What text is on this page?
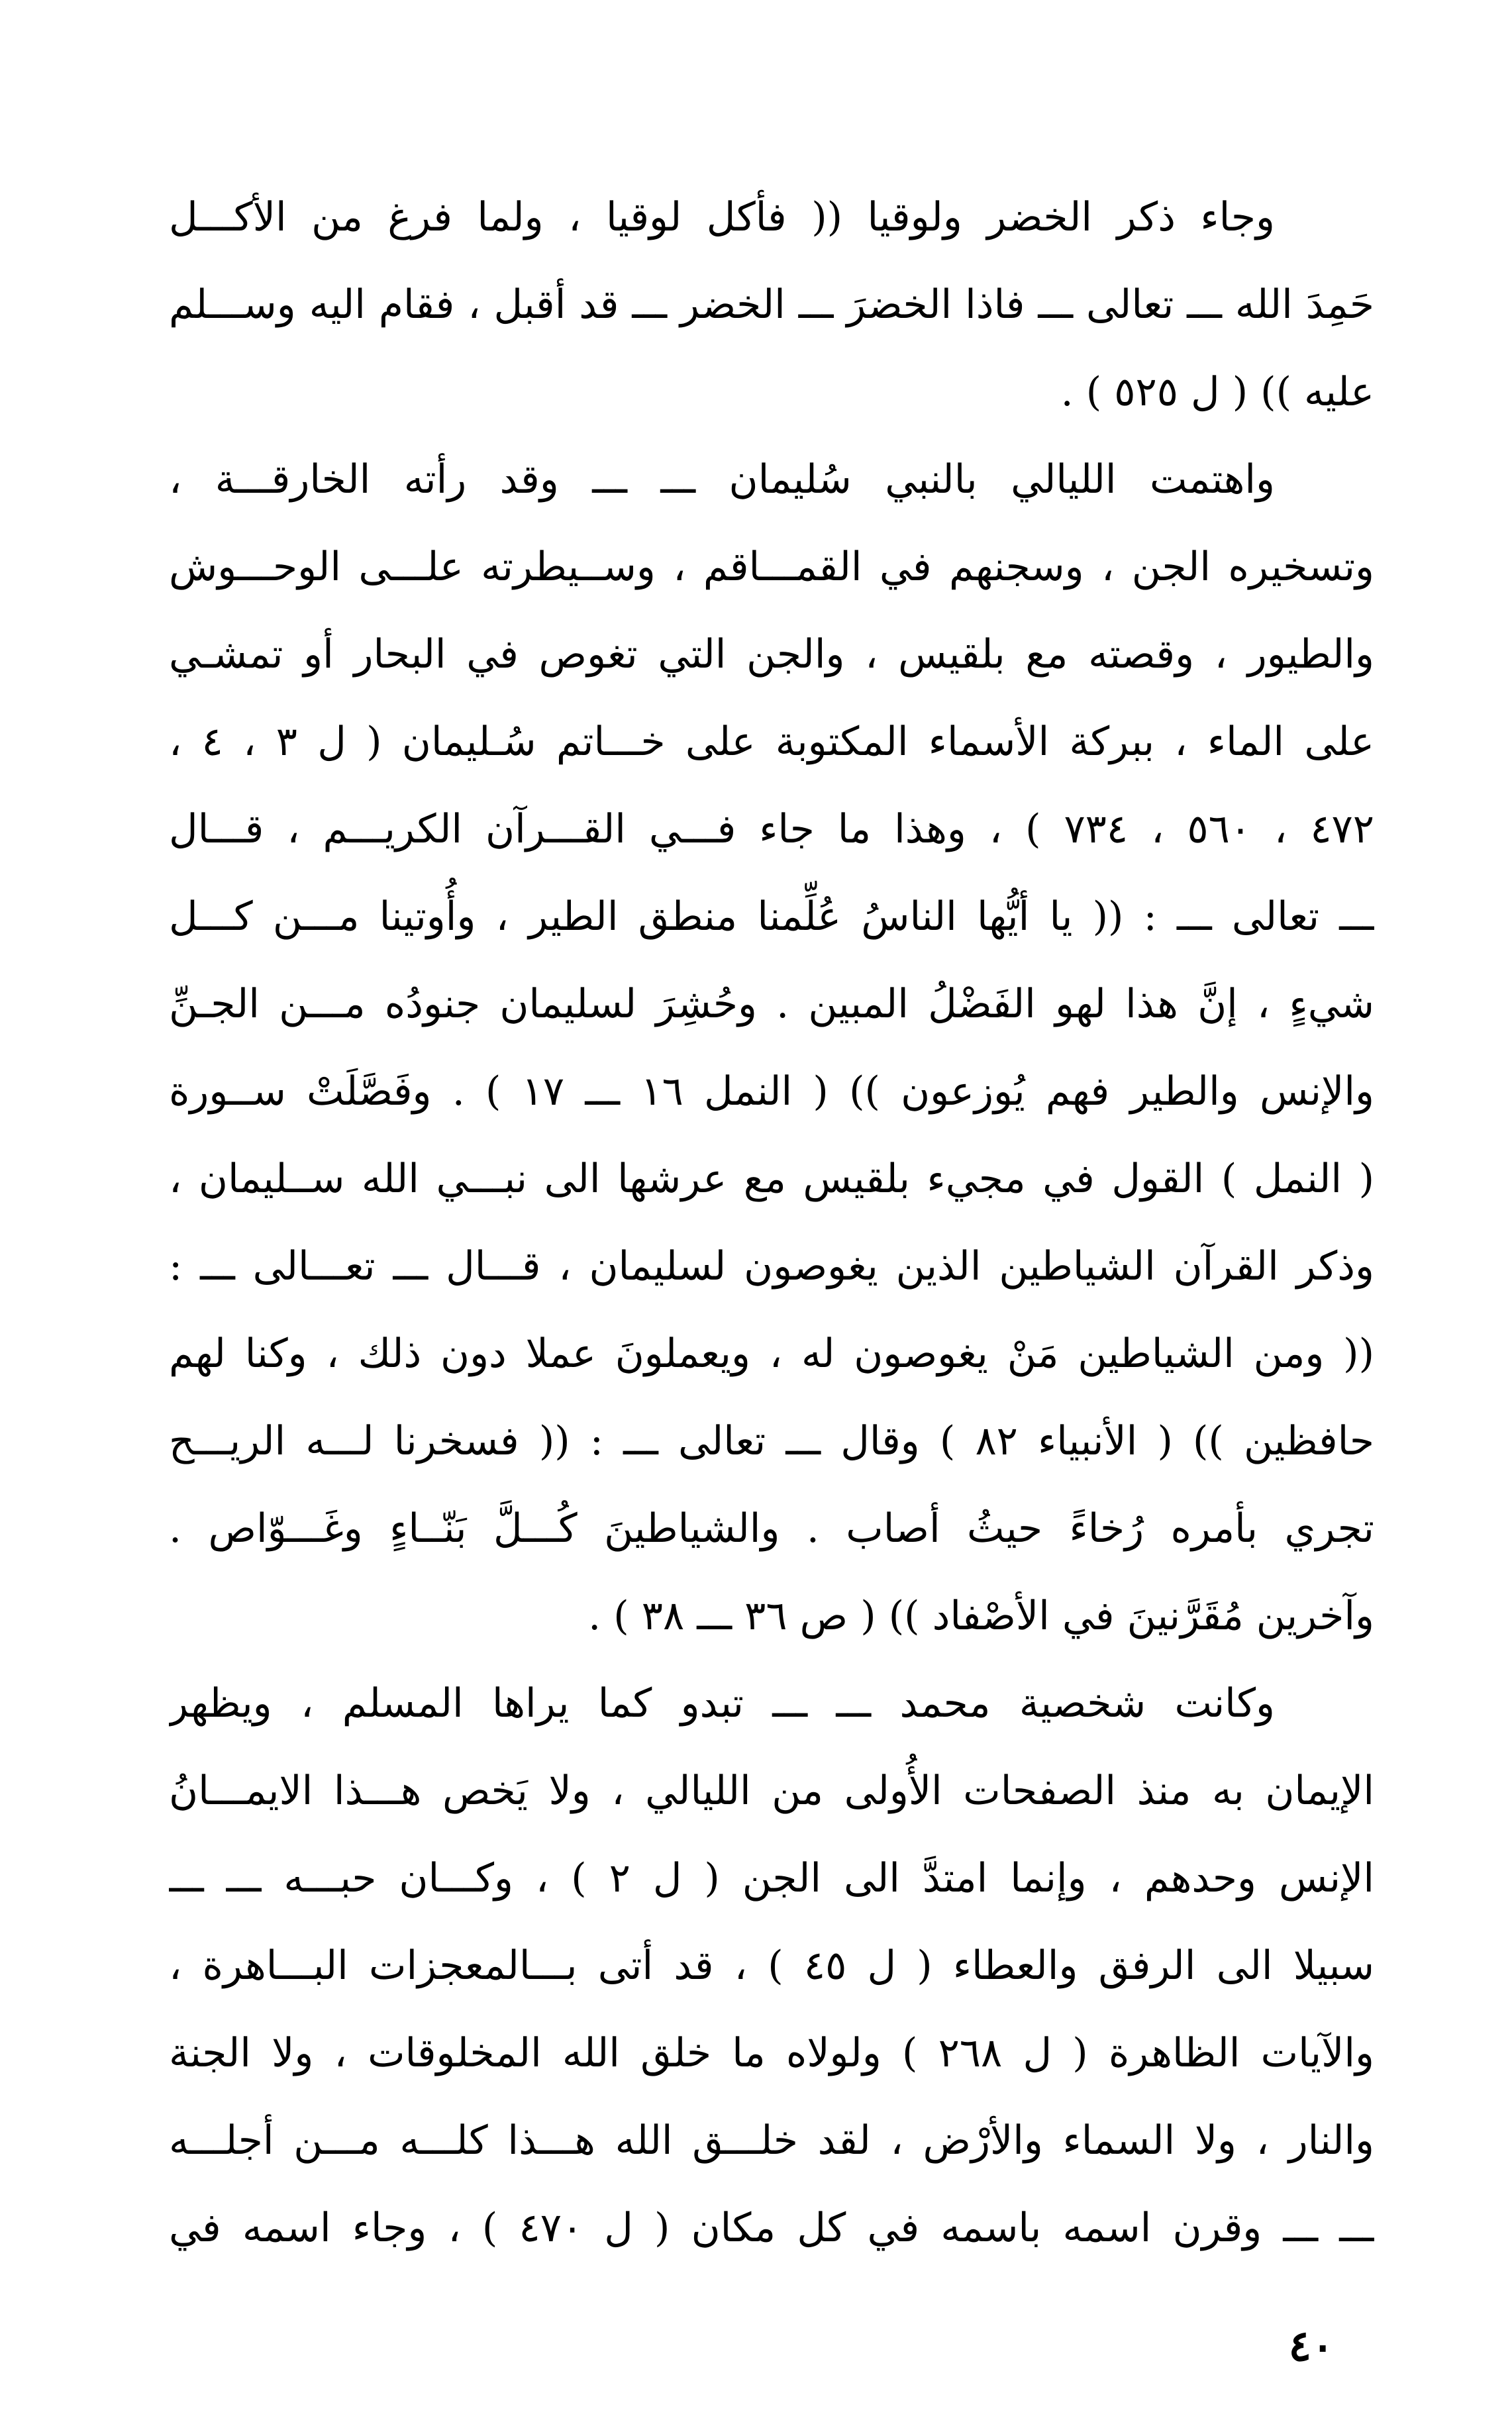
وجاء ذكر الخضر ولوقيا (( فأكل لوقيا ، ولما فرغ من الأكـــل
حَمِدَ الله ـــ تعالى ـــ فاذا الخضرَ ـــ الخضر ـــ قد أقبل ، فقام اليه وســـلم
عليه )) ( ل ٥٢٥ ) .
واهتمت الليالي بالنبي سُليمان ـــ ـــ وقد رأته الخارقـــة ،
وتسخيره الجن ، وسجنهم في القمـــاقم ، وســيطرته علـــى الوحـــوش
والطيور ، وقصته مع بلقيس ، والجن التي تغوص في البحار أو تمشـي
على الماء ، ببركة الأسماء المكتوبة على خـــاتم سُـليمان ( ل ٣ ، ٤ ،
٤٧٢ ، ٥٦٠ ، ٧٣٤ ) ، وهذا ما جاء فـــي القـــرآن الكريـــم ، قـــال
ـــ تعالى ـــ : (( يا أيُّها الناسُ عُلِّمنا منطق الطير ، وأُوتينا مـــن كـــل
شيءٍ ، إنَّ هذا لهو الفَضْلُ المبين . وحُشِرَ لسليمان جنودُه مـــن الجـنِّ
والإنس والطير فهم يُوزعون )) ( النمل ١٦ ـــ ١٧ ) . وفَصَّلَتْ ســورة
( النمل ) القول في مجيء بلقيس مع عرشها الى نبـــي الله ســليمان ،
وذكر القرآن الشياطين الذين يغوصون لسليمان ، قـــال ـــ تعـــالى ـــ :
(( ومن الشياطين مَنْ يغوصون له ، ويعملونَ عملا دون ذلك ، وكنا لهم
حافظين )) ( الأنبياء ٨٢ ) وقال ـــ تعالى ـــ : (( فسخرنا لـــه الريـــح
تجري بأمره رُخاءً حيثُ أصاب . والشياطينَ كُـــلَّ بَنّــاءٍ وغَـــوّاص .
وآخرين مُقَرَّنينَ في الأصْفاد )) ( ص ٣٦ ـــ ٣٨ ) .
وكانت شخصية محمد ـــ ـــ تبدو كما يراها المسلم ، ويظهر
الإيمان به منذ الصفحات الأُولى من الليالي ، ولا يَخص هـــذا الايمـــانُ
الإنس وحدهم ، وإنما امتدَّ الى الجن ( ل ٢ ) ، وكـــان حبـــه ـــ ـــ
سبيلا الى الرفق والعطاء ( ل ٤٥ ) ، قد أتى بـــالمعجزات البـــاهرة ،
والآيات الظاهرة ( ل ٢٦٨ ) ولولاه ما خلق الله المخلوقات ، ولا الجنة
والنار ، ولا السماء والأرْض ، لقد خلـــق الله هـــذا كلـــه مـــن أجلـــه
ـــ ـــ وقرن اسمه باسمه في كل مكان ( ل ٤٧٠ ) ، وجاء اسمه في
٤٠
